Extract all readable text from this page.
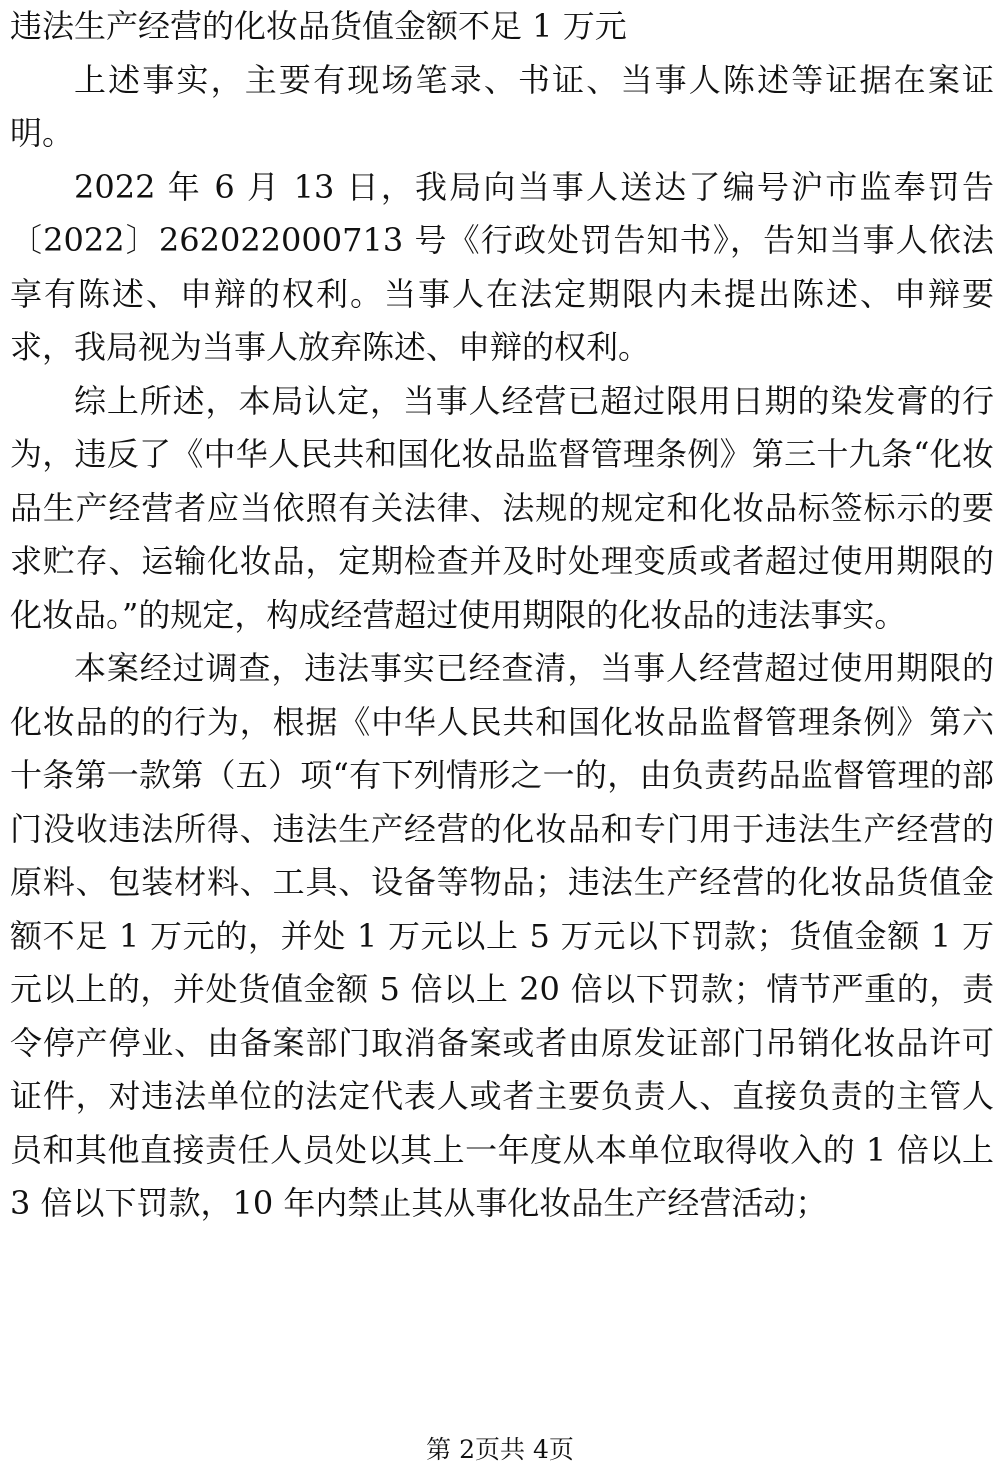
违法生产经营的化妆品货值金额不足 1 万元

上述事实，主要有现场笔录、书证、当事人陈述等证据在案证明。

2022 年 6 月 13 日，我局向当事人送达了编号沪市监奉罚告〔2022〕262022000713 号《行政处罚告知书》，告知当事人依法享有陈述、申辩的权利。当事人在法定期限内未提出陈述、申辩要求，我局视为当事人放弃陈述、申辩的权利。

综上所述，本局认定，当事人经营已超过限用日期的染发膏的行为，违反了《中华人民共和国化妆品监督管理条例》第三十九条“化妆品生产经营者应当依照有关法律、法规的规定和化妆品标签标示的要求贮存、运输化妆品，定期检查并及时处理变质或者超过使用期限的化妆品。”的规定，构成经营超过使用期限的化妆品的违法事实。

本案经过调查，违法事实已经查清，当事人经营超过使用期限的化妆品的的行为，根据《中华人民共和国化妆品监督管理条例》第六十条第一款第（五）项“有下列情形之一的，由负责药品监督管理的部门没收违法所得、违法生产经营的化妆品和专门用于违法生产经营的原料、包装材料、工具、设备等物品；违法生产经营的化妆品货值金额不足 1 万元的，并处 1 万元以上 5 万元以下罚款；货值金额 1 万元以上的，并处货值金额 5 倍以上 20 倍以下罚款；情节严重的，责令停产停业、由备案部门取消备案或者由原发证部门吊销化妆品许可证件，对违法单位的法定代表人或者主要负责人、直接负责的主管人员和其他直接责任人员处以其上一年度从本单位取得收入的 1 倍以上 3 倍以下罚款，10 年内禁止其从事化妆品生产经营活动；

第 2页共 4页
